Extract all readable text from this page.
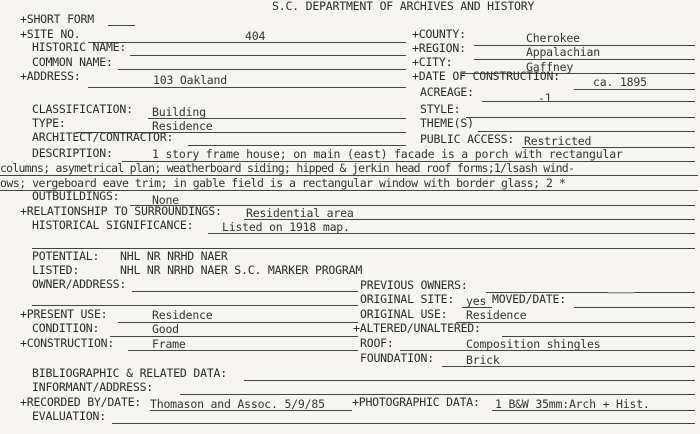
S.C. DEPARTMENT OF ARCHIVES AND HISTORY
+SHORT FORM
+SITE NO.	404
HISTORIC NAME:
COMMON NAME:
+ADDRESS:	103 Oakland
+COUNTY:	Cherokee
+REGION:	Appalachian
+CITY:	Gaffney
+DATE OF CONSTRUCTION:	ca. 1895
ACREAGE:	-1
CLASSIFICATION: Building	STYLE:
TYPE:	Residence	THEME(S)
ARCHITECT/CONTRACTOR:	PUBLIC ACCESS: Restricted
DESCRIPTION:	1 story frame house; on main (east) facade is a porch with rectangular
columns; asymetrical plan; weatherboard siding; hipped & jerkin head roof forms;1/lsash wind-
ows; vergeboard eave trim; in gable field is a rectangular window with border glass; 2 *
OUTBUILDINGS:	None
+RELATIONSHIP TO SURROUNDINGS: Residential area
HISTORICAL SIGNIFICANCE: Listed on 1918 map.
POTENTIAL: NHL NR NRHD NAER
LISTED:	NHL NR NRHD NAER S.C. MARKER PROGRAM
OWNER/ADDRESS:	PREVIOUS OWNERS:
ORIGINAL SITE: yes MOVED/DATE:
+PRESENT USE:	Residence	ORIGINAL USE: Residence
CONDITION:	Good	+ALTERED/UNALTERED:
+CONSTRUCTION:	Frame	ROOF:	Composition shingles
FOUNDATION:	Brick
BIBLIOGRAPHIC & RELATED DATA:
INFORMANT/ADDRESS:
+RECORDED BY/DATE: Thomason and Assoc. 5/9/85 +PHOTOGRAPHIC DATA: 1 B&W 35mm:Arch + Hist.
EVALUATION:
